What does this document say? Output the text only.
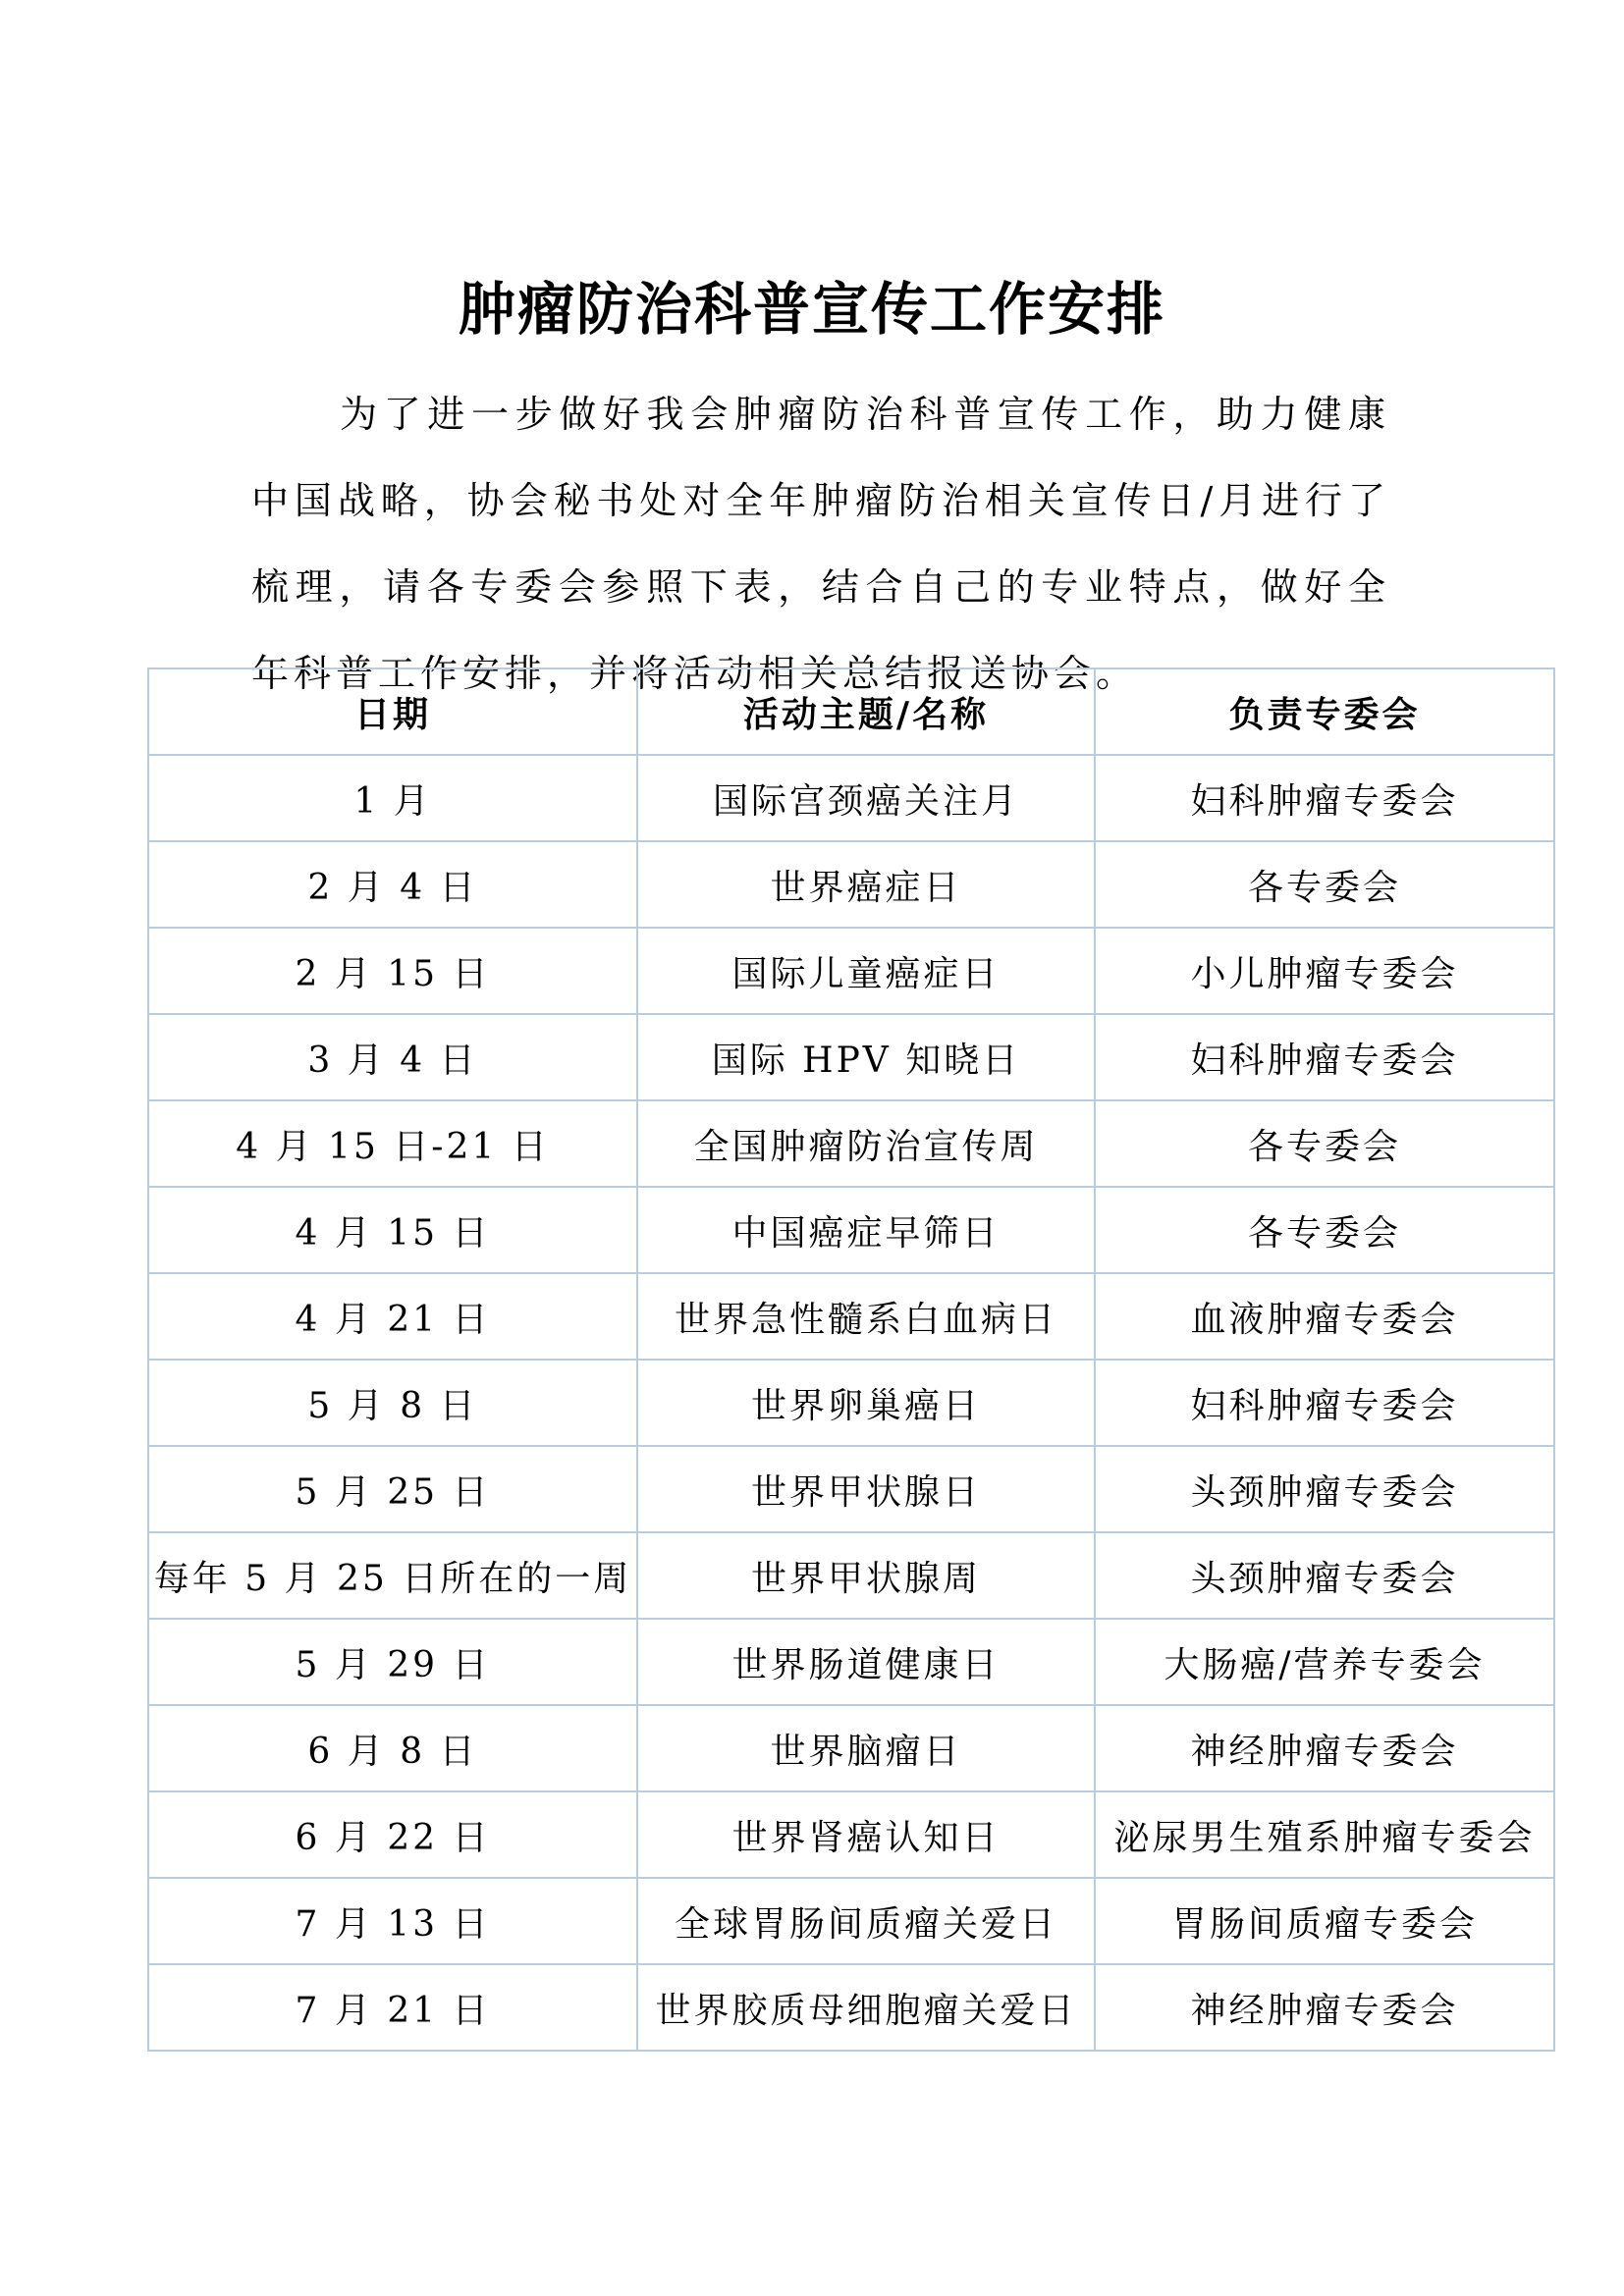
肿瘤防治科普宣传工作安排

为了进一步做好我会肿瘤防治科普宣传工作，助力健康中国战略，协会秘书处对全年肿瘤防治相关宣传日/月进行了梳理，请各专委会参照下表，结合自己的专业特点，做好全年科普工作安排，并将活动相关总结报送协会。

日期	活动主题/名称	负责专委会
1 月	国际宫颈癌关注月	妇科肿瘤专委会
2 月 4 日	世界癌症日	各专委会
2 月 15 日	国际儿童癌症日	小儿肿瘤专委会
3 月 4 日	国际 HPV 知晓日	妇科肿瘤专委会
4 月 15 日-21 日	全国肿瘤防治宣传周	各专委会
4 月 15 日	中国癌症早筛日	各专委会
4 月 21 日	世界急性髓系白血病日	血液肿瘤专委会
5 月 8 日	世界卵巢癌日	妇科肿瘤专委会
5 月 25 日	世界甲状腺日	头颈肿瘤专委会
每年 5 月 25 日所在的一周	世界甲状腺周	头颈肿瘤专委会
5 月 29 日	世界肠道健康日	大肠癌/营养专委会
6 月 8 日	世界脑瘤日	神经肿瘤专委会
6 月 22 日	世界肾癌认知日	泌尿男生殖系肿瘤专委会
7 月 13 日	全球胃肠间质瘤关爱日	胃肠间质瘤专委会
7 月 21 日	世界胶质母细胞瘤关爱日	神经肿瘤专委会
